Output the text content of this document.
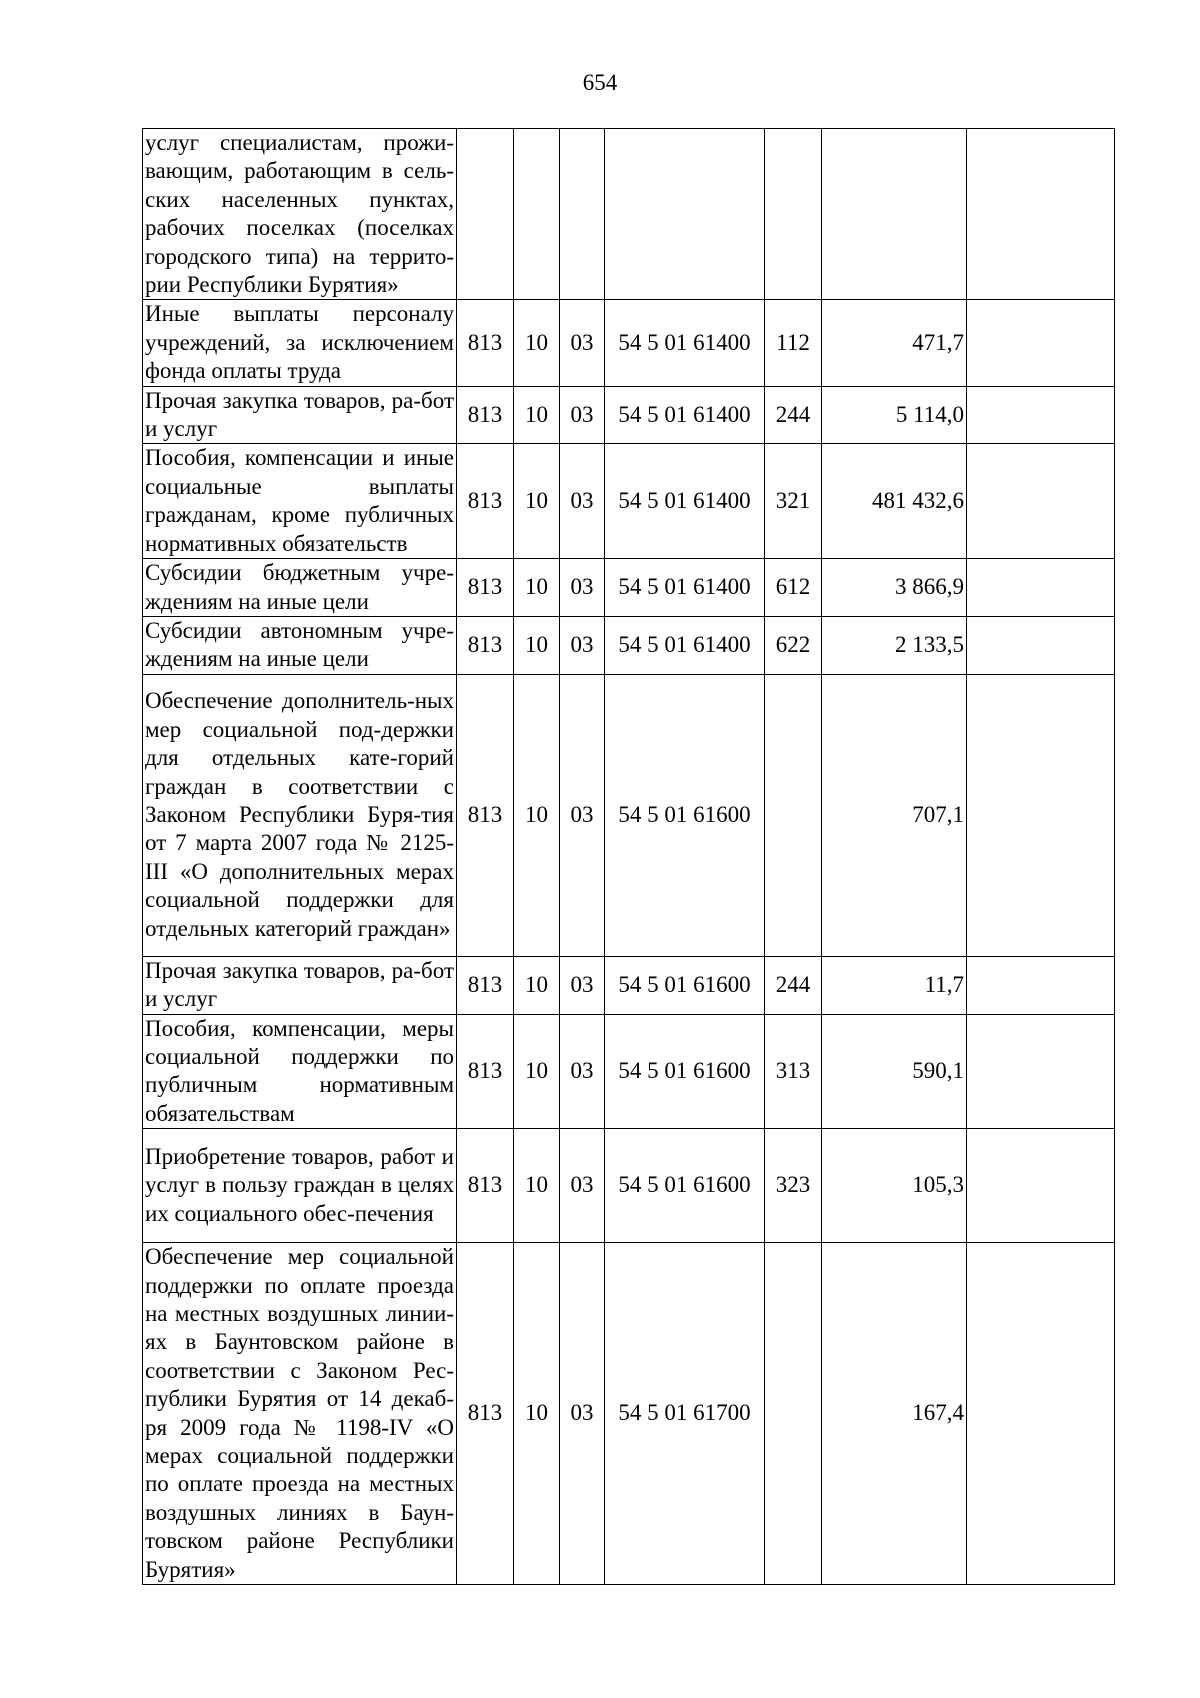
654
услуг специалистам, прожи-вающим, работающим в сель-ских населенных пунктах, рабочих поселках (поселках городского типа) на террито-рии Республики Бурятия»							
Иные выплаты персоналу учреждений, за исключением фонда оплаты труда	813	10	03	54 5 01 61400	112	471,7	
Прочая закупка товаров, ра-бот и услуг	813	10	03	54 5 01 61400	244	5 114,0	
Пособия, компенсации и иные социальные выплаты гражданам, кроме публичных нормативных обязательств	813	10	03	54 5 01 61400	321	481 432,6	
Субсидии бюджетным учре-ждениям на иные цели	813	10	03	54 5 01 61400	612	3 866,9	
Субсидии автономным учре-ждениям на иные цели	813	10	03	54 5 01 61400	622	2 133,5	
Обеспечение дополнитель-ных мер социальной под-держки для отдельных кате-горий граждан в соответствии с Законом Республики Буря-тия от 7 марта 2007 года № 2125-III «О дополнительных мерах социальной поддержки для отдельных категорий граждан»	813	10	03	54 5 01 61600		707,1	
Прочая закупка товаров, ра-бот и услуг	813	10	03	54 5 01 61600	244	11,7	
Пособия, компенсации, меры социальной поддержки по публичным нормативным обязательствам	813	10	03	54 5 01 61600	313	590,1	
Приобретение товаров, работ и услуг в пользу граждан в целях их социального обес-печения	813	10	03	54 5 01 61600	323	105,3	
Обеспечение мер социальной поддержки по оплате проезда на местных воздушных линии-ях в Баунтовском районе в соответствии с Законом Рес-публики Бурятия от 14 декаб-ря 2009 года № 1198-IV «О мерах социальной поддержки по оплате проезда на местных воздушных линиях в Баун-товском районе Республики Бурятия»	813	10	03	54 5 01 61700		167,4	
